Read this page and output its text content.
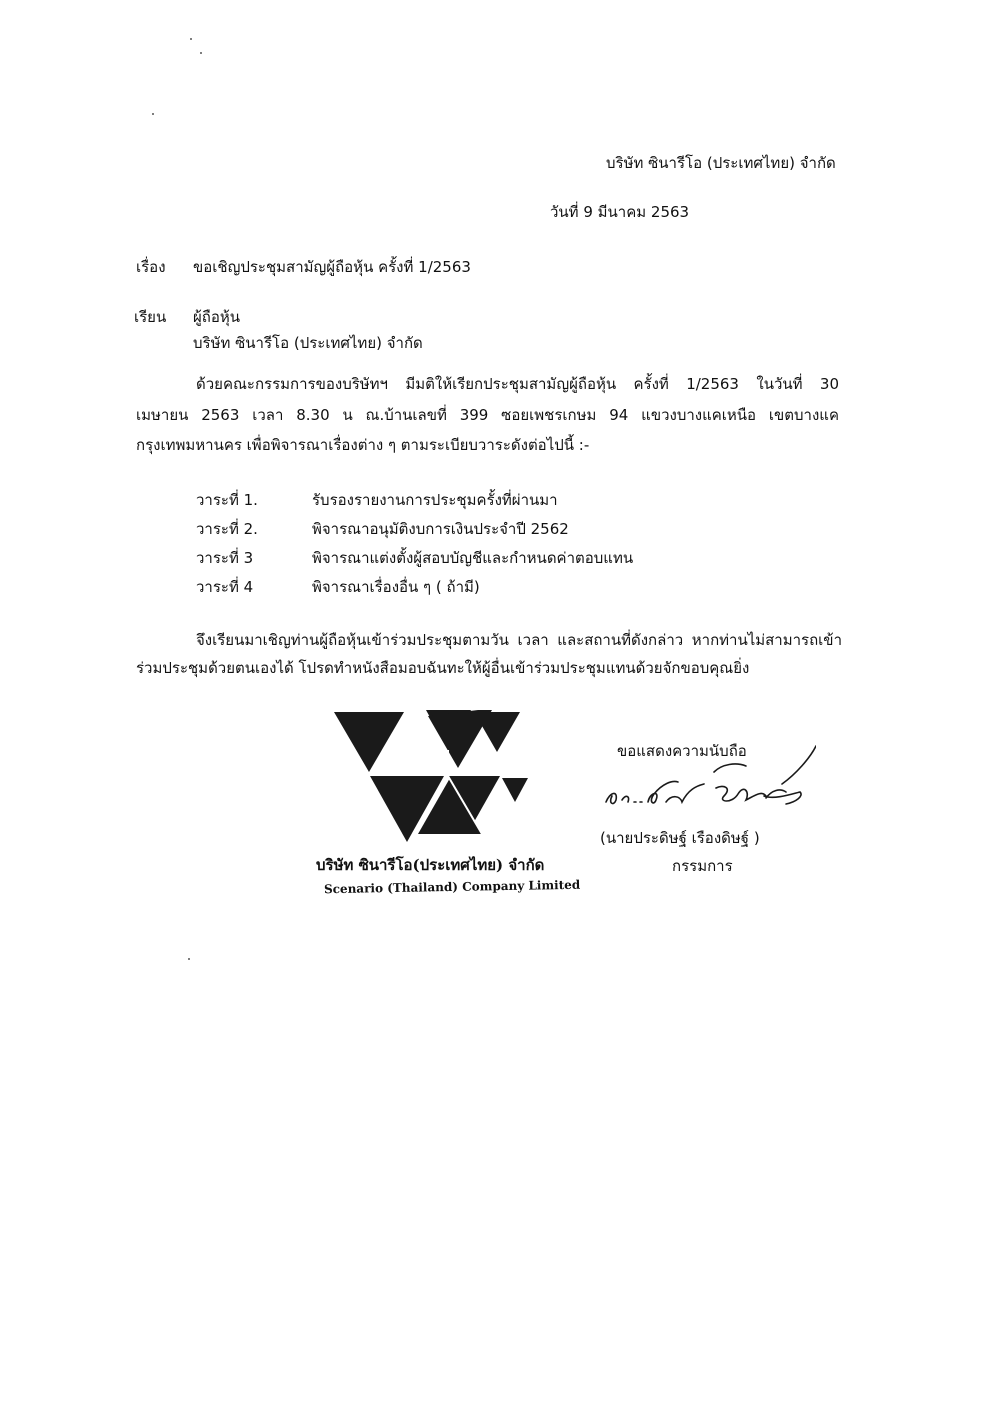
บริษัท ซินารีโอ (ประเทศไทย) จำกัด
วันที่ 9 มีนาคม 2563
เรื่อง ขอเชิญประชุมสามัญผู้ถือหุ้น ครั้งที่ 1/2563
เรียน ผู้ถือหุ้น
บริษัท ซินารีโอ (ประเทศไทย) จำกัด
ด้วยคณะกรรมการของบริษัทฯ มีมติให้เรียกประชุมสามัญผู้ถือหุ้น ครั้งที่ 1/2563 ในวันที่ 30
เมษายน 2563 เวลา 8.30 น ณ.บ้านเลขที่ 399 ซอยเพชรเกษม 94 แขวงบางแคเหนือ เขตบางแค
กรุงเทพมหานคร เพื่อพิจารณาเรื่องต่าง ๆ ตามระเบียบวาระดังต่อไปนี้ :-
วาระที่ 1.	รับรองรายงานการประชุมครั้งที่ผ่านมา
วาระที่ 2.	พิจารณาอนุมัติงบการเงินประจำปี 2562
วาระที่ 3	พิจารณาแต่งตั้งผู้สอบบัญชีและกำหนดค่าตอบแทน
วาระที่ 4	พิจารณาเรื่องอื่น ๆ ( ถ้ามี)
จึงเรียนมาเชิญท่านผู้ถือหุ้นเข้าร่วมประชุมตามวัน เวลา และสถานที่ดังกล่าว หากท่านไม่สามารถเข้า
ร่วมประชุมด้วยตนเองได้ โปรดทำหนังสือมอบฉันทะให้ผู้อื่นเข้าร่วมประชุมแทนด้วยจักขอบคุณยิ่ง
บริษัท ซินารีโอ(ประเทศไทย) จำกัด
Scenario (Thailand) Company Limited
ขอแสดงความนับถือ
(นายประดิษฐ์ เรืองดิษฐ์ )
กรรมการ
